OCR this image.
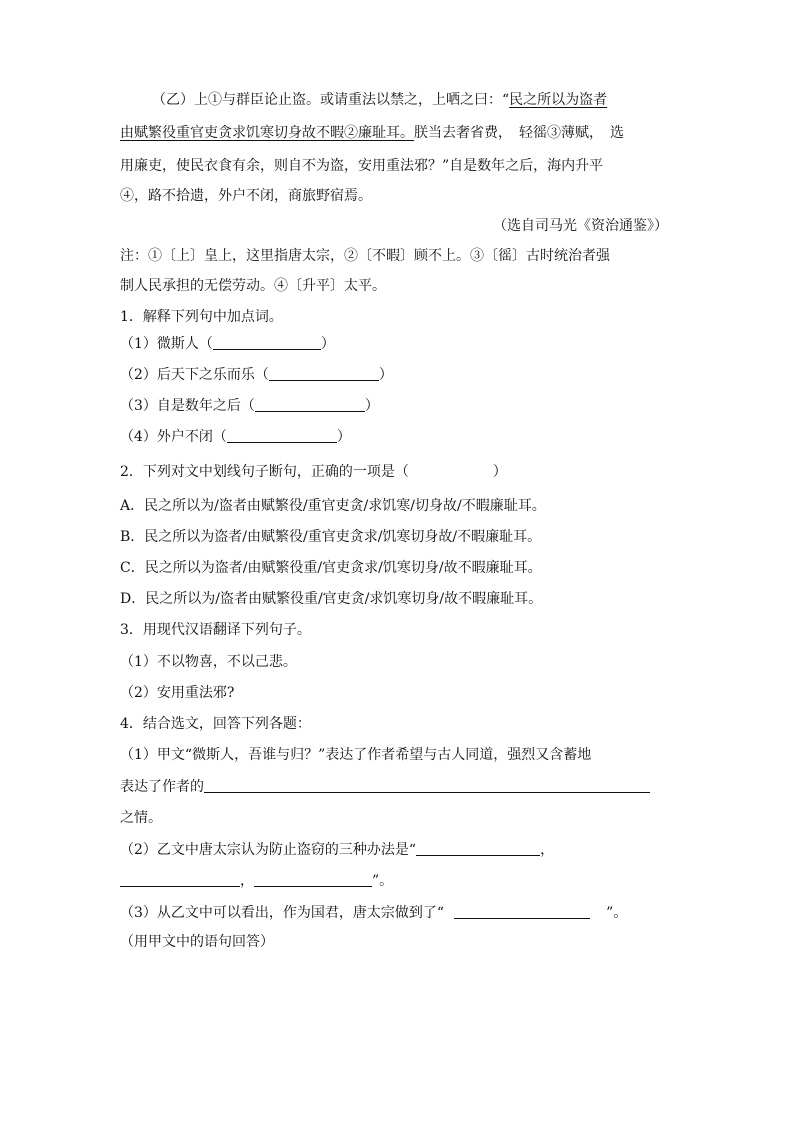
（乙）上①与群臣论止盗。或请重法以禁之，上哂之曰：“民之所以为盗者
由赋繁役重官吏贪求饥寒切身故不暇②廉耻耳。朕当去奢省费，　轻徭③薄赋，　选
用廉吏，使民衣食有余，则自不为盗，安用重法邪？”自是数年之后，海内升平
④，路不拾遗，外户不闭，商旅野宿焉。
（选自司马光《资治通鉴》）
注：①〔上〕皇上，这里指唐太宗，②〔不暇〕顾不上。③〔徭〕古时统治者强
制人民承担的无偿劳动。④〔升平〕太平。
1．解释下列句中加点词。
（1）微斯人（	）
（2）后天下之乐而乐（	）
（3）自是数年之后（	）
（4）外户不闭（	）
2．下列对文中划线句子断句，正确的一项是（　　　　　　）
A．民之所以为/盗者由赋繁役/重官吏贪/求饥寒/切身故/不暇廉耻耳。
B．民之所以为盗者/由赋繁役/重官吏贪求/饥寒切身故/不暇廉耻耳。
C．民之所以为盗者/由赋繁役重/官吏贪求/饥寒切身/故不暇廉耻耳。
D．民之所以为/盗者由赋繁役重/官吏贪/求饥寒切身/故不暇廉耻耳。
3．用现代汉语翻译下列句子。
（1）不以物喜，不以己悲。
（2）安用重法邪?
4．结合选文，回答下列各题：
（1）甲文“微斯人，吾谁与归？”表达了作者希望与古人同道，强烈又含蓄地
表达了作者的
之情。
（2）乙文中唐太宗认为防止盗窃的三种办法是“	，
，	”。
（3）从乙文中可以看出，作为国君，唐太宗做到了“	”。
（用甲文中的语句回答）
